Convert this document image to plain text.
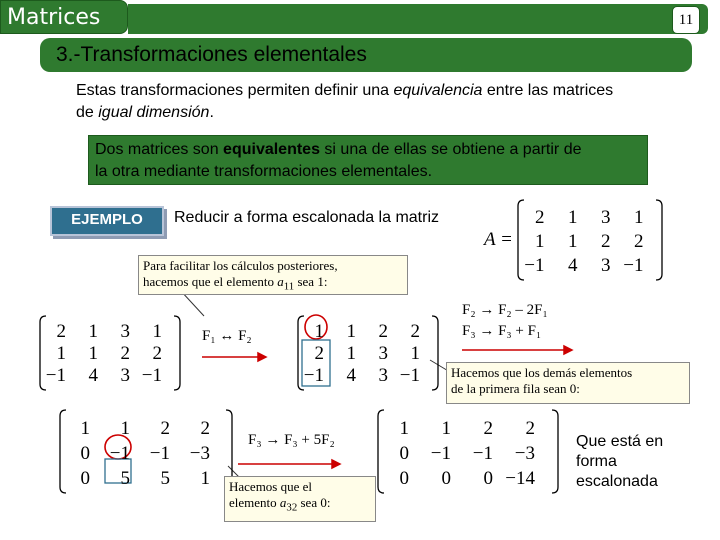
Matrices	11
3.-Transformaciones elementales
Estas transformaciones permiten definir una equivalencia entre las matrices
de igual dimensión.
Dos matrices son equivalentes si una de ellas se obtiene a partir de
la otra mediante transformaciones elementales.
EJEMPLO	Reducir a forma escalonada la matriz
A =
2 1 3 1
1 1 2 2
−1 4 3 −1
2 1 3 1
1 1 2 2
−1 4 3 −1
1 1 2 2
2 1 3 1
−1 4 3 −1
1 1 2 2
0 −1 −1 −3
0 5 5 1
1 1 2 2
0 −1 −1 −3
0 0 0 −14
Para facilitar los cálculos posteriores,
hacemos que el elemento $a_{11}$ sea 1:
Hacemos que los demás elementos
de la primera fila sean 0:
Hacemos que el
elemento $a_{32}$ sea 0:
F₁ ↔ F₂
F₂ → F₂ – 2F₁
F₃ → F₃ + F₁
F₃ → F₃ + 5F₂	Que está en
forma
escalonada
